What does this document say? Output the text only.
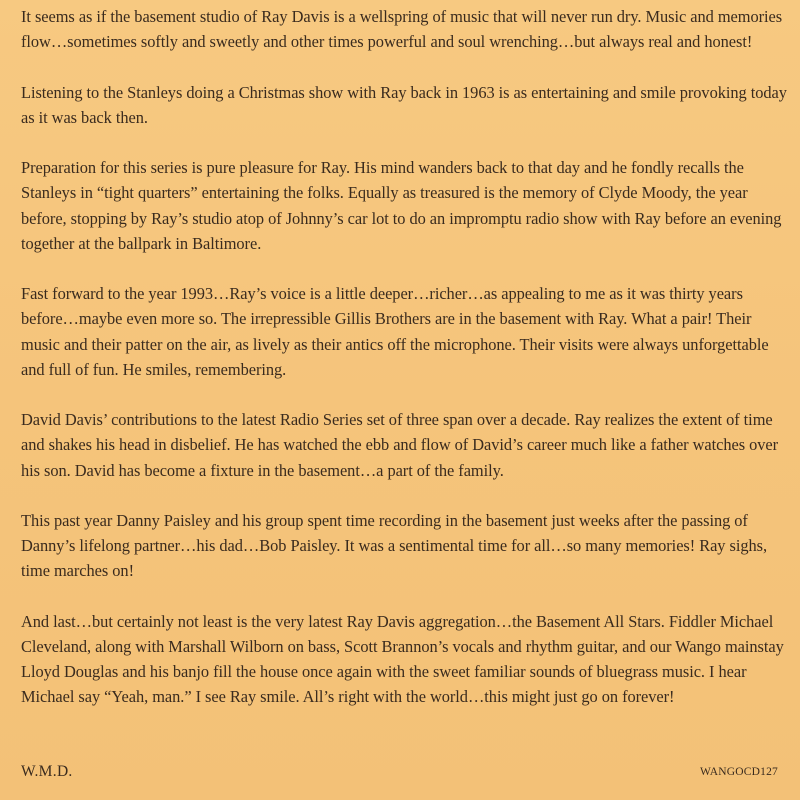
It seems as if the basement studio of Ray Davis is a wellspring of music that will never run dry. Music and memories flow…sometimes softly and sweetly and other times powerful and soul wrenching…but always real and honest!

Listening to the Stanleys doing a Christmas show with Ray back in 1963 is as entertaining and smile provoking today as it was back then.

Preparation for this series is pure pleasure for Ray. His mind wanders back to that day and he fondly recalls the Stanleys in “tight quarters” entertaining the folks. Equally as treasured is the memory of Clyde Moody, the year before, stopping by Ray’s studio atop of Johnny’s car lot to do an impromptu radio show with Ray before an evening together at the ballpark in Baltimore.

Fast forward to the year 1993…Ray’s voice is a little deeper…richer…as appealing to me as it was thirty years before…maybe even more so. The irrepressible Gillis Brothers are in the basement with Ray. What a pair! Their music and their patter on the air, as lively as their antics off the microphone. Their visits were always unforgettable and full of fun. He smiles, remembering.

David Davis’ contributions to the latest Radio Series set of three span over a decade. Ray realizes the extent of time and shakes his head in disbelief. He has watched the ebb and flow of David’s career much like a father watches over his son. David has become a fixture in the basement…a part of the family.

This past year Danny Paisley and his group spent time recording in the basement just weeks after the passing of Danny’s lifelong partner…his dad…Bob Paisley. It was a sentimental time for all…so many memories! Ray sighs, time marches on!

And last…but certainly not least is the very latest Ray Davis aggregation…the Basement All Stars. Fiddler Michael Cleveland, along with Marshall Wilborn on bass, Scott Brannon’s vocals and rhythm guitar, and our Wango mainstay Lloyd Douglas and his banjo fill the house once again with the sweet familiar sounds of bluegrass music. I hear Michael say “Yeah, man.” I see Ray smile. All’s right with the world…this might just go on forever!

W.M.D.	WANGOCD127
